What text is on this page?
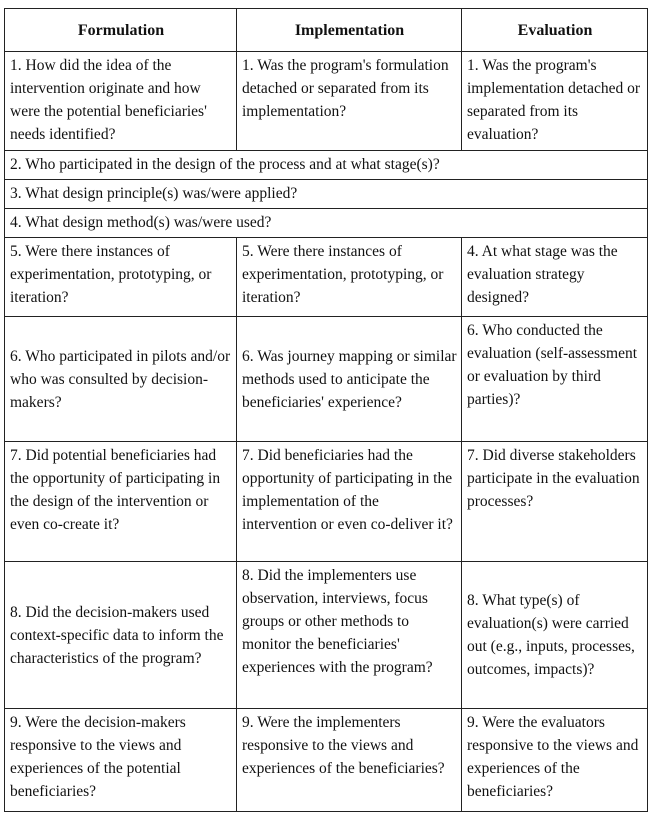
Formulation	Implementation	Evaluation
1. How did the idea of the intervention originate and how were the potential beneficiaries' needs identified?	1. Was the program's formulation detached or separated from its implementation?	1. Was the program's implementation detached or separated from its evaluation?
2. Who participated in the design of the process and at what stage(s)?		
3. What design principle(s) was/were applied?		
4. What design method(s) was/were used?		
5. Were there instances of experimentation, prototyping, or iteration?	5. Were there instances of experimentation, prototyping, or iteration?	4. At what stage was the evaluation strategy designed?
6. Who participated in pilots and/or who was consulted by decision-makers?	6. Was journey mapping or similar methods used to anticipate the beneficiaries' experience?	6. Who conducted the evaluation (self-assessment or evaluation by third parties)?
7. Did potential beneficiaries had the opportunity of participating in the design of the intervention or even co-create it?	7. Did beneficiaries had the opportunity of participating in the implementation of the intervention or even co-deliver it?	7. Did diverse stakeholders participate in the evaluation processes?
8. Did the decision-makers used context-specific data to inform the characteristics of the program?	8. Did the implementers use observation, interviews, focus groups or other methods to monitor the beneficiaries' experiences with the program?	8. What type(s) of evaluation(s) were carried out (e.g., inputs, processes, outcomes, impacts)?
9. Were the decision-makers responsive to the views and experiences of the potential beneficiaries?	9. Were the implementers responsive to the views and experiences of the beneficiaries?	9. Were the evaluators responsive to the views and experiences of the beneficiaries?
